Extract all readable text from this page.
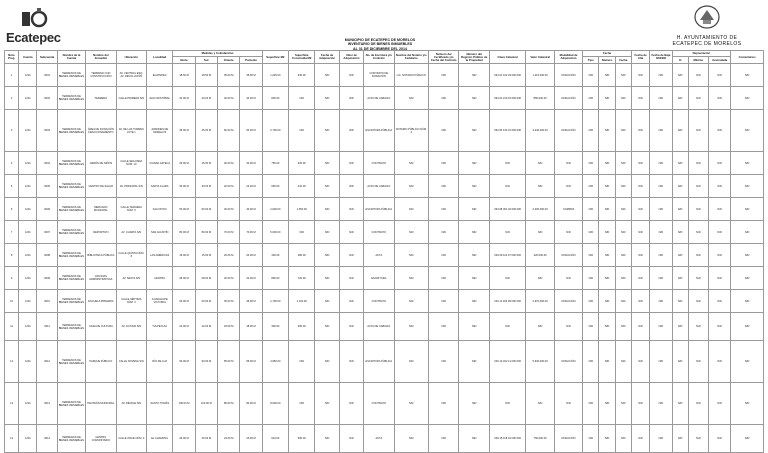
Ecatepec	H. AYUNTAMIENTO DE
ECATEPEC DE MORELOS
MUNICIPIO DE ECATEPEC DE MORELOS
INVENTARIO DE BIENES INMUEBLES
AL 31 DE DICIEMBRE DEL 2014
Núm. Prog.	Cuenta	Subcuenta	Nombre de la Cuenta	Nombre del Inmueble	Ubicación	Localidad	Medidas y Colindancias				Superficie M2	Superficie Construida M2	Fecha de Adquisición	Valor de Adquisición	No. de Escritura y/o Contrato	Nombre del Notario y/o Fedatario	Número del Certificado y/o Fecha del Contrato	Número del Registro Público de la Propiedad	Clave Catastral	Valor Catastral	Modalidad de Adquisición	Fecha			Fecha de Alta	Fecha de Baja OSFEM	Depreciación			Comentarios
							Norte	Sur	Oriente	Poniente												Tipo	Número	Fecha			%	Mínimo	Acumulada	
1	1231	0001	TERRENOS DE BIENES INMUEBLES	TERRENO CON CONSTRUCCIÓN	AV. CENTRAL ESQ. AV. REVOLUCIÓN	ECATEPEC	18.50 M	18.50 M	35.00 M	35.00 M	1,025.00	640.00	N/D	N/D	CONTRATO DE DONACIÓN	LIC. NOTARIO PÚBLICO	N/D	N/D	094 01 102 03 000 000	1,215,000.00	DONACIÓN	N/D	N/D	N/D	N/D	N/D	N/D	N/D	N/D	N/D
2	1231	0002	TERRENOS DE BIENES INMUEBLES	TERRENO	CALLE PRIMERA S/N	SAN CRISTÓBAL	20.00 M	20.00 M	40.00 M	40.00 M	800.00	N/D	N/D	N/D	ACTA DE CABILDO	N/D	N/D	N/D	094 02 210 15 000 000	850,000.00	DONACIÓN	N/D	N/D	N/D	N/D	N/D	N/D	N/D	N/D	N/D
3	1231	0003	TERRENOS DE BIENES INMUEBLES	ÁREA DE DONACIÓN FRACCIONAMIENTO	AV. DE LAS TORRES LOTE 1	JARDINES DE MORELOS	45.00 M	45.00 M	60.00 M	60.00 M	2,700.00	N/D	N/D	N/D	ESCRITURA PÚBLICA	NOTARIO PÚBLICO NÚM. 2	N/D	N/D	094 05 133 01 000 000	3,240,000.00	DONACIÓN	N/D	N/D	N/D	N/D	N/D	N/D	N/D	N/D	N/D
4	1231	0004	TERRENOS DE BIENES INMUEBLES	JARDÍN DE NIÑOS	CALLE SEGUNDA NÚM. 10	CIUDAD AZTECA	25.00 M	25.00 M	30.00 M	30.00 M	750.00	320.00	N/D	N/D	CONTRATO	N/D	N/D	N/D	N/D	N/D	N/D	N/D	N/D	N/D	N/D	N/D	N/D	N/D	N/D	N/D
5	1231	0005	TERRENOS DE BIENES INMUEBLES	CENTRO DE SALUD	AV. PRINCIPAL S/N	SANTA CLARA	30.00 M	30.00 M	22.00 M	22.00 M	660.00	410.00	N/D	N/D	ACTA DE CABILDO	N/D	N/D	N/D	N/D	N/D	N/D	N/D	N/D	N/D	N/D	N/D	N/D	N/D	N/D	N/D
6	1231	0006	TERRENOS DE BIENES INMUEBLES	MERCADO MUNICIPAL	CALLE TERCERA NÚM. 5	XALOSTOC	50.00 M	50.00 M	40.00 M	40.00 M	2,000.00	1,650.00	N/D	N/D	ESCRITURA PÚBLICA	N/D	N/D	N/D	094 08 301 02 000 000	2,400,000.00	COMPRA	N/D	N/D	N/D	N/D	N/D	N/D	N/D	N/D	N/D
7	1231	0007	TERRENOS DE BIENES INMUEBLES	DEPORTIVO	AV. CUARTA S/N	SAN AGUSTÍN	80.00 M	80.00 M	70.00 M	70.00 M	5,600.00	N/D	N/D	N/D	CONTRATO	N/D	N/D	N/D	N/D	N/D	N/D	N/D	N/D	N/D	N/D	N/D	N/D	N/D	N/D	N/D
8	1231	0008	TERRENOS DE BIENES INMUEBLES	BIBLIOTECA PÚBLICA	CALLE QUINTA NÚM. 8	LAS AMÉRICAS	15.00 M	15.00 M	20.00 M	20.00 M	300.00	280.00	N/D	N/D	ACTA	N/D	N/D	N/D	094 09 110 07 000 000	420,000.00	DONACIÓN	N/D	N/D	N/D	N/D	N/D	N/D	N/D	N/D	N/D
9	1231	0009	TERRENOS DE BIENES INMUEBLES	OFICINAS ADMINISTRATIVAS	AV. SEXTA S/N	CENTRO	28.00 M	28.00 M	32.00 M	32.00 M	896.00	720.00	N/D	N/D	ESCRITURA	N/D	N/D	N/D	N/D	N/D	N/D	N/D	N/D	N/D	N/D	N/D	N/D	N/D	N/D	N/D
10	1231	0010	TERRENOS DE BIENES INMUEBLES	ESCUELA PRIMARIA	CALLE SÉPTIMA NÚM. 3	GUADALUPE VICTORIA	60.00 M	60.00 M	45.00 M	45.00 M	2,700.00	1,100.00	N/D	N/D	CONTRATO	N/D	N/D	N/D	094 11 204 09 000 000	2,970,000.00	DONACIÓN	N/D	N/D	N/D	N/D	N/D	N/D	N/D	N/D	N/D
11	1231	0011	TERRENOS DE BIENES INMUEBLES	CASA DE CULTURA	AV. OCTAVA S/N	TULPETLAC	22.00 M	22.00 M	18.00 M	18.00 M	396.00	350.00	N/D	N/D	ACTA DE CABILDO	N/D	N/D	N/D	N/D	N/D	N/D	N/D	N/D	N/D	N/D	N/D	N/D	N/D	N/D	N/D
12	1231	0012	TERRENOS DE BIENES INMUEBLES	PARQUE PÚBLICO	CALLE NOVENA S/N	RÍO DE LUZ	90.00 M	90.00 M	55.00 M	55.00 M	4,950.00	N/D	N/D	N/D	ESCRITURA PÚBLICA	N/D	N/D	N/D	094 13 402 11 000 000	5,940,000.00	DONACIÓN	N/D	N/D	N/D	N/D	N/D	N/D	N/D	N/D	N/D
13	1231	0013	TERRENOS DE BIENES INMUEBLES	PANTEÓN MUNICIPAL	AV. DÉCIMA S/N	SANTO TOMÁS	100.00 M	100.00 M	80.00 M	80.00 M	8,000.00	N/D	N/D	N/D	CONTRATO	N/D	N/D	N/D	N/D	N/D	N/D	N/D	N/D	N/D	N/D	N/D	N/D	N/D	N/D	N/D
14	1231	0014	TERRENOS DE BIENES INMUEBLES	CENTRO COMUNITARIO	CALLE ONCE NÚM. 2	EL CHAMIZAL	26.00 M	26.00 M	24.00 M	24.00 M	624.00	500.00	N/D	N/D	ACTA	N/D	N/D	N/D	094 15 118 04 000 000	750,000.00	DONACIÓN	N/D	N/D	N/D	N/D	N/D	N/D	N/D	N/D	N/D
